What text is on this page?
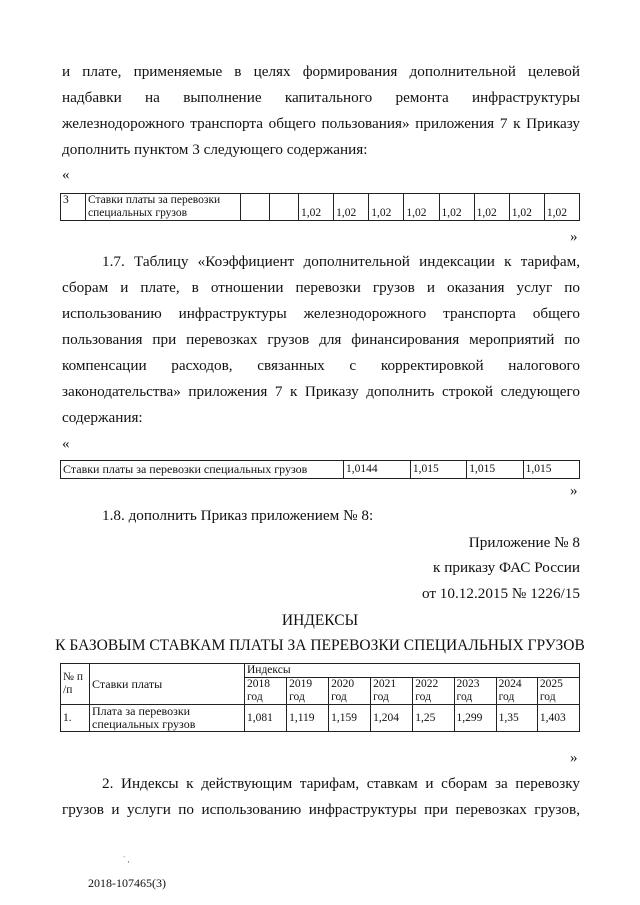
и плате, применяемые в целях формирования дополнительной целевой
надбавки на выполнение капитального ремонта инфраструктуры
железнодорожного транспорта общего пользования» приложения 7 к Приказу
дополнить пунктом 3 следующего содержания:

«
3	Ставки платы за перевозки специальных грузов			1,02	1,02	1,02	1,02	1,02	1,02	1,02	1,02
»

1.7. Таблицу «Коэффициент дополнительной индексации к тарифам,
сборам и плате, в отношении перевозки грузов и оказания услуг по
использованию инфраструктуры железнодорожного транспорта общего
пользования при перевозках грузов для финансирования мероприятий по
компенсации расходов, связанных с корректировкой налогового
законодательства» приложения 7 к Приказу дополнить строкой следующего
содержания:

«
Ставки платы за перевозки специальных грузов	1,0144	1,015	1,015	1,015
»

1.8. дополнить Приказ приложением № 8:

Приложение № 8
к приказу ФАС России
от 10.12.2015 № 1226/15
ИНДЕКСЫ
К БАЗОВЫМ СТАВКАМ ПЛАТЫ ЗА ПЕРЕВОЗКИ СПЕЦИАЛЬНЫХ ГРУЗОВ
№ п /п	Ставки платы	Индексы							
		2018 год	2019 год	2020 год	2021 год	2022 год	2023 год	2024 год	2025 год
1.	Плата за перевозки специальных грузов	1,081	1,119	1,159	1,204	1,25	1,299	1,35	1,403
»

2. Индексы к действующим тарифам, ставкам и сборам за перевозку
грузов и услуги по использованию инфраструктуры при перевозках грузов,

` ,
2018-107465(3)
